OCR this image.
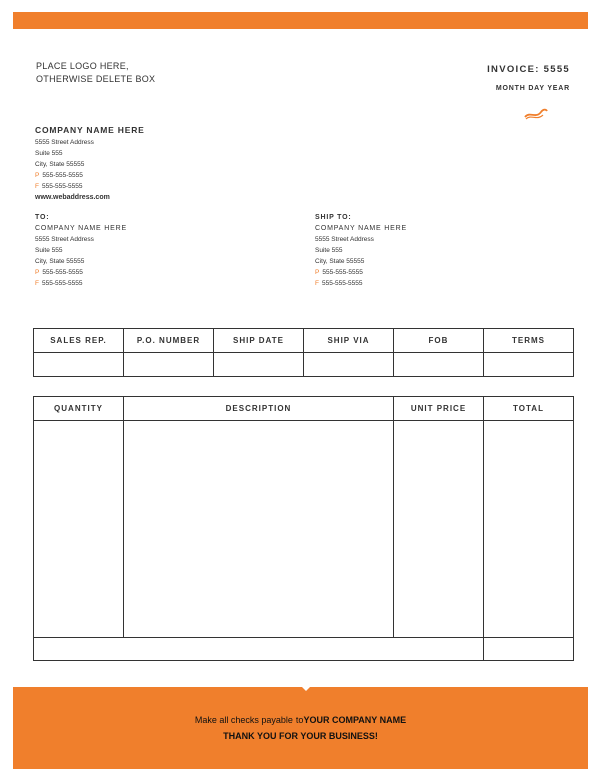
PLACE LOGO HERE,
OTHERWISE DELETE BOX
INVOICE: 5555
MONTH DAY YEAR
COMPANY NAME HERE
5555 Street Address
Suite 555
City, State 55555
P 555-555-5555
F 555-555-5555
www.webaddress.com
TO:
COMPANY NAME HERE
5555 Street Address
Suite 555
City, State 55555
P 555-555-5555
F 555-555-5555
SHIP TO:
COMPANY NAME HERE
5555 Street Address
Suite 555
City, State 55555
P 555-555-5555
F 555-555-5555
SALES REP.	P.O. NUMBER	SHIP DATE	SHIP VIA	FOB	TERMS

QUANTITY	DESCRIPTION	UNIT PRICE	TOTAL

Make all checks payable toYOUR COMPANY NAME
THANK YOU FOR YOUR BUSINESS!
